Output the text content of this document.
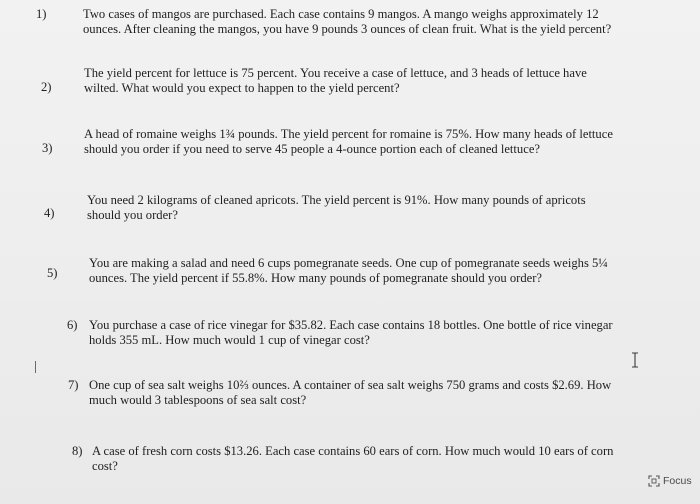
1)	Two cases of mangos are purchased. Each case contains 9 mangos. A mango weighs approximately 12
ounces. After cleaning the mangos, you have 9 pounds 3 ounces of clean fruit. What is the yield percent?
2)
The yield percent for lettuce is 75 percent. You receive a case of lettuce, and 3 heads of lettuce have
wilted. What would you expect to happen to the yield percent?
3)
A head of romaine weighs 1¾ pounds. The yield percent for romaine is 75%. How many heads of lettuce
should you order if you need to serve 45 people a 4-ounce portion each of cleaned lettuce?
4)
You need 2 kilograms of cleaned apricots. The yield percent is 91%. How many pounds of apricots
should you order?
5)
You are making a salad and need 6 cups pomegranate seeds. One cup of pomegranate seeds weighs 5¼
ounces. The yield percent if 55.8%. How many pounds of pomegranate should you order?
6) You purchase a case of rice vinegar for $35.82. Each case contains 18 bottles. One bottle of rice vinegar
holds 355 mL. How much would 1 cup of vinegar cost?
7) One cup of sea salt weighs 10⅔ ounces. A container of sea salt weighs 750 grams and costs $2.69. How
much would 3 tablespoons of sea salt cost?
8) A case of fresh corn costs $13.26. Each case contains 60 ears of corn. How much would 10 ears of corn
cost?
Focus
